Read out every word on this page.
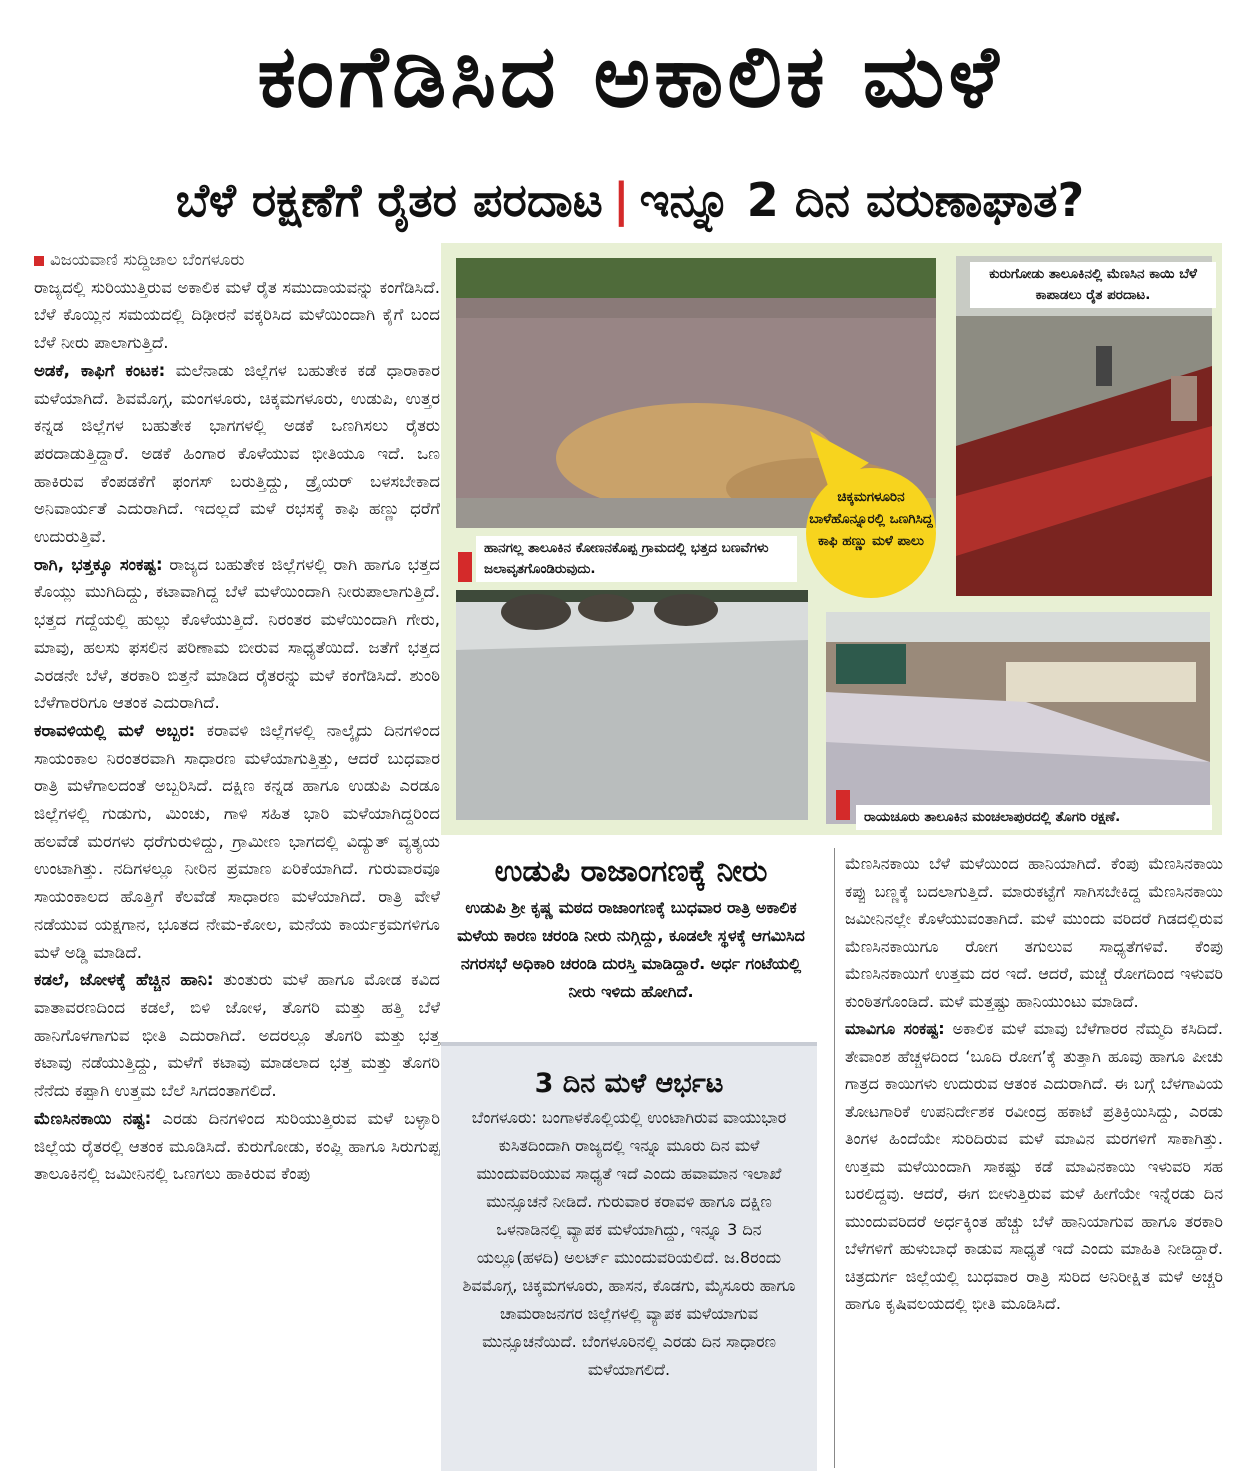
ಕಂಗೆಡಿಸಿದ ಅಕಾಲಿಕ ಮಳೆ
ಬೆಳೆ ರಕ್ಷಣೆಗೆ ರೈತರ ಪರದಾಟ | ಇನ್ನೂ 2 ದಿನ ವರುಣಾಘಾತ?

ವಿಜಯವಾಣಿ ಸುದ್ದಿಜಾಲ ಬೆಂಗಳೂರು

ರಾಜ್ಯದಲ್ಲಿ ಸುರಿಯುತ್ತಿರುವ ಅಕಾಲಿಕ ಮಳೆ ರೈತ ಸಮುದಾಯವನ್ನು ಕಂಗೆಡಿಸಿದೆ. ಬೆಳೆ ಕೊಯ್ಲಿನ ಸಮಯದಲ್ಲಿ ದಿಢೀರನೆ ವಕ್ಕರಿಸಿದ ಮಳೆಯಿಂದಾಗಿ ಕೈಗೆ ಬಂದ ಬೆಳೆ ನೀರು ಪಾಲಾಗುತ್ತಿದೆ.

ಅಡಕೆ, ಕಾಫಿಗೆ ಕಂಟಕ: ಮಲೆನಾಡು ಜಿಲ್ಲೆಗಳ ಬಹುತೇಕ ಕಡೆ ಧಾರಾಕಾರ ಮಳೆಯಾಗಿದೆ. ಶಿವಮೊಗ್ಗ, ಮಂಗಳೂರು, ಚಿಕ್ಕಮಗಳೂರು, ಉಡುಪಿ, ಉತ್ತರ ಕನ್ನಡ ಜಿಲ್ಲೆಗಳ ಬಹುತೇಕ ಭಾಗಗಳಲ್ಲಿ ಅಡಕೆ ಒಣಗಿಸಲು ರೈತರು ಪರದಾಡುತ್ತಿದ್ದಾರೆ. ಅಡಕೆ ಹಿಂಗಾರ ಕೊಳೆಯುವ ಭೀತಿಯೂ ಇದೆ. ಒಣ ಹಾಕಿರುವ ಕೆಂಪಡಕೆಗೆ ಫಂಗಸ್ ಬರುತ್ತಿದ್ದು, ಡ್ರೈಯರ್ ಬಳಸಬೇಕಾದ ಅನಿವಾರ್ಯತೆ ಎದುರಾಗಿದೆ. ಇದಲ್ಲದೆ ಮಳೆ ರಭಸಕ್ಕೆ ಕಾಫಿ ಹಣ್ಣು ಧರೆಗೆ ಉದುರುತ್ತಿವೆ.

ರಾಗಿ, ಭತ್ತಕ್ಕೂ ಸಂಕಷ್ಟ: ರಾಜ್ಯದ ಬಹುತೇಕ ಜಿಲ್ಲೆಗಳಲ್ಲಿ ರಾಗಿ ಹಾಗೂ ಭತ್ತದ ಕೊಯ್ಲು ಮುಗಿದಿದ್ದು, ಕಟಾವಾಗಿದ್ದ ಬೆಳೆ ಮಳೆಯಿಂದಾಗಿ ನೀರುಪಾಲಾಗುತ್ತಿದೆ. ಭತ್ತದ ಗದ್ದೆಯಲ್ಲಿ ಹುಲ್ಲು ಕೊಳೆಯುತ್ತಿದೆ. ನಿರಂತರ ಮಳೆಯಿಂದಾಗಿ ಗೇರು, ಮಾವು, ಹಲಸು ಫಸಲಿನ ಪರಿಣಾಮ ಬೀರುವ ಸಾಧ್ಯತೆಯಿದೆ. ಜತೆಗೆ ಭತ್ತದ ಎರಡನೇ ಬೆಳೆ, ತರಕಾರಿ ಬಿತ್ತನೆ ಮಾಡಿದ ರೈತರನ್ನು ಮಳೆ ಕಂಗೆಡಿಸಿದೆ. ಶುಂಠಿ ಬೆಳೆಗಾರರಿಗೂ ಆತಂಕ ಎದುರಾಗಿದೆ.

ಕರಾವಳಿಯಲ್ಲಿ ಮಳೆ ಅಬ್ಬರ: ಕರಾವಳಿ ಜಿಲ್ಲೆಗಳಲ್ಲಿ ನಾಲ್ಕೈದು ದಿನಗಳಿಂದ ಸಾಯಂಕಾಲ ನಿರಂತರವಾಗಿ ಸಾಧಾರಣ ಮಳೆಯಾಗುತ್ತಿತ್ತು, ಆದರೆ ಬುಧವಾರ ರಾತ್ರಿ ಮಳೆಗಾಲದಂತೆ ಅಬ್ಬರಿಸಿದೆ. ದಕ್ಷಿಣ ಕನ್ನಡ ಹಾಗೂ ಉಡುಪಿ ಎರಡೂ ಜಿಲ್ಲೆಗಳಲ್ಲಿ ಗುಡುಗು, ಮಿಂಚು, ಗಾಳಿ ಸಹಿತ ಭಾರಿ ಮಳೆಯಾಗಿದ್ದರಿಂದ ಹಲವೆಡೆ ಮರಗಳು ಧರೆಗುರುಳಿದ್ದು, ಗ್ರಾಮೀಣ ಭಾಗದಲ್ಲಿ ವಿದ್ಯುತ್ ವ್ಯತ್ಯಯ ಉಂಟಾಗಿತ್ತು. ನದಿಗಳಲ್ಲೂ ನೀರಿನ ಪ್ರಮಾಣ ಏರಿಕೆಯಾಗಿದೆ. ಗುರುವಾರವೂ ಸಾಯಂಕಾಲದ ಹೊತ್ತಿಗೆ ಕೆಲವೆಡೆ ಸಾಧಾರಣ ಮಳೆಯಾಗಿದೆ. ರಾತ್ರಿ ವೇಳೆ ನಡೆಯುವ ಯಕ್ಷಗಾನ, ಭೂತದ ನೇಮ-ಕೋಲ, ಮನೆಯ ಕಾರ್ಯಕ್ರಮಗಳಿಗೂ ಮಳೆ ಅಡ್ಡಿ ಮಾಡಿದೆ.

ಕಡಲೆ, ಜೋಳಕ್ಕೆ ಹೆಚ್ಚಿನ ಹಾನಿ: ತುಂತುರು ಮಳೆ ಹಾಗೂ ಮೋಡ ಕವಿದ ವಾತಾವರಣದಿಂದ ಕಡಲೆ, ಬಿಳಿ ಜೋಳ, ತೊಗರಿ ಮತ್ತು ಹತ್ತಿ ಬೆಳೆ ಹಾನಿಗೊಳಗಾಗುವ ಭೀತಿ ಎದುರಾಗಿದೆ. ಅದರಲ್ಲೂ ತೊಗರಿ ಮತ್ತು ಭತ್ತ ಕಟಾವು ನಡೆಯುತ್ತಿದ್ದು, ಮಳೆಗೆ ಕಟಾವು ಮಾಡಲಾದ ಭತ್ತ ಮತ್ತು ತೊಗರಿ ನೆನೆದು ಕಪ್ಪಾಗಿ ಉತ್ತಮ ಬೆಲೆ ಸಿಗದಂತಾಗಲಿದೆ.

ಮೆಣಸಿನಕಾಯಿ ನಷ್ಟ: ಎರಡು ದಿನಗಳಿಂದ ಸುರಿಯುತ್ತಿರುವ ಮಳೆ ಬಳ್ಳಾರಿ ಜಿಲ್ಲೆಯ ರೈತರಲ್ಲಿ ಆತಂಕ ಮೂಡಿಸಿದೆ. ಕುರುಗೋಡು, ಕಂಪ್ಲಿ ಹಾಗೂ ಸಿರುಗುಪ್ಪ ತಾಲೂಕಿನಲ್ಲಿ ಜಮೀನಿನಲ್ಲಿ ಒಣಗಲು ಹಾಕಿರುವ ಕೆಂಪು

ಹಾನಗಲ್ಲ ತಾಲೂಕಿನ ಕೋಣನಕೊಪ್ಪ ಗ್ರಾಮದಲ್ಲಿ ಭತ್ತದ ಬಣವೆಗಳು ಜಲಾವೃತಗೊಂಡಿರುವುದು.
ಕುರುಗೋಡು ತಾಲೂಕಿನಲ್ಲಿ ಮೆಣಸಿನ ಕಾಯಿ ಬೆಳೆ ಕಾಪಾಡಲು ರೈತ ಪರದಾಟ.
ರಾಯಚೂರು ತಾಲೂಕಿನ ಮಂಚಲಾಪುರದಲ್ಲಿ ತೊಗರಿ ರಕ್ಷಣೆ.
ಚಿಕ್ಕಮಗಳೂರಿನ ಬಾಳೆಹೊನ್ನೂರಲ್ಲಿ ಒಣಗಿಸಿದ್ದ ಕಾಫಿ ಹಣ್ಣು ಮಳೆ ಪಾಲು
ಉಡುಪಿ ರಾಜಾಂಗಣಕ್ಕೆ ನೀರು
ಉಡುಪಿ ಶ್ರೀ ಕೃಷ್ಣ ಮಠದ ರಾಜಾಂಗಣಕ್ಕೆ ಬುಧವಾರ ರಾತ್ರಿ ಅಕಾಲಿಕ ಮಳೆಯ ಕಾರಣ ಚರಂಡಿ ನೀರು ನುಗ್ಗಿದ್ದು, ಕೂಡಲೇ ಸ್ಥಳಕ್ಕೆ ಆಗಮಿಸಿದ ನಗರಸಭೆ ಅಧಿಕಾರಿ ಚರಂಡಿ ದುರಸ್ತಿ ಮಾಡಿದ್ದಾರೆ. ಅರ್ಧ ಗಂಟೆಯಲ್ಲಿ ನೀರು ಇಳಿದು ಹೋಗಿದೆ.
3 ದಿನ ಮಳೆ ಆರ್ಭಟ
ಬೆಂಗಳೂರು: ಬಂಗಾಳಕೊಲ್ಲಿಯಲ್ಲಿ ಉಂಟಾಗಿರುವ ವಾಯುಭಾರ ಕುಸಿತದಿಂದಾಗಿ ರಾಜ್ಯದಲ್ಲಿ ಇನ್ನೂ ಮೂರು ದಿನ ಮಳೆ ಮುಂದುವರಿಯುವ ಸಾಧ್ಯತೆ ಇದೆ ಎಂದು ಹವಾಮಾನ ಇಲಾಖೆ ಮುನ್ಸೂಚನೆ ನೀಡಿದೆ. ಗುರುವಾರ ಕರಾವಳಿ ಹಾಗೂ ದಕ್ಷಿಣ ಒಳನಾಡಿನಲ್ಲಿ ವ್ಯಾಪಕ ಮಳೆಯಾಗಿದ್ದು, ಇನ್ನೂ 3 ದಿನ ಯಲ್ಲೂ(ಹಳದಿ) ಅಲರ್ಟ್ ಮುಂದುವರಿಯಲಿದೆ. ಜ.8ರಂದು ಶಿವಮೊಗ್ಗ, ಚಿಕ್ಕಮಗಳೂರು, ಹಾಸನ, ಕೊಡಗು, ಮೈಸೂರು ಹಾಗೂ ಚಾಮರಾಜನಗರ ಜಿಲ್ಲೆಗಳಲ್ಲಿ ವ್ಯಾಪಕ ಮಳೆಯಾಗುವ ಮುನ್ಸೂಚನೆಯಿದೆ. ಬೆಂಗಳೂರಿನಲ್ಲಿ ಎರಡು ದಿನ ಸಾಧಾರಣ ಮಳೆಯಾಗಲಿದೆ.

ಮೆಣಸಿನಕಾಯಿ ಬೆಳೆ ಮಳೆಯಿಂದ ಹಾನಿಯಾಗಿದೆ. ಕೆಂಪು ಮೆಣಸಿನಕಾಯಿ ಕಪ್ಪು ಬಣ್ಣಕ್ಕೆ ಬದಲಾಗುತ್ತಿದೆ. ಮಾರುಕಟ್ಟೆಗೆ ಸಾಗಿಸಬೇಕಿದ್ದ ಮೆಣಸಿನಕಾಯಿ ಜಮೀನಿನಲ್ಲೇ ಕೊಳೆಯುವಂತಾಗಿದೆ. ಮಳೆ ಮುಂದು ವರಿದರೆ ಗಿಡದಲ್ಲಿರುವ ಮೆಣಸಿನಕಾಯಿಗೂ ರೋಗ ತಗುಲುವ ಸಾಧ್ಯತೆಗಳಿವೆ. ಕೆಂಪು ಮೆಣಸಿನಕಾಯಿಗೆ ಉತ್ತಮ ದರ ಇದೆ. ಆದರೆ, ಮಚ್ಚೆ ರೋಗದಿಂದ ಇಳುವರಿ ಕುಂಠಿತಗೊಂಡಿದೆ. ಮಳೆ ಮತ್ತಷ್ಟು ಹಾನಿಯುಂಟು ಮಾಡಿದೆ.

ಮಾವಿಗೂ ಸಂಕಷ್ಟ: ಅಕಾಲಿಕ ಮಳೆ ಮಾವು ಬೆಳೆಗಾರರ ನೆಮ್ಮದಿ ಕಸಿದಿದೆ. ತೇವಾಂಶ ಹೆಚ್ಚಳದಿಂದ ‘ಬೂದಿ ರೋಗ’ಕ್ಕೆ ತುತ್ತಾಗಿ ಹೂವು ಹಾಗೂ ಪೀಚು ಗಾತ್ರದ ಕಾಯಿಗಳು ಉದುರುವ ಆತಂಕ ಎದುರಾಗಿದೆ. ಈ ಬಗ್ಗೆ ಬೆಳಗಾವಿಯ ತೋಟಗಾರಿಕೆ ಉಪನಿರ್ದೇಶಕ ರವೀಂದ್ರ ಹಕಾಟೆ ಪ್ರತಿಕ್ರಿಯಿಸಿದ್ದು, ಎರಡು ತಿಂಗಳ ಹಿಂದೆಯೇ ಸುರಿದಿರುವ ಮಳೆ ಮಾವಿನ ಮರಗಳಿಗೆ ಸಾಕಾಗಿತ್ತು. ಉತ್ತಮ ಮಳೆಯಿಂದಾಗಿ ಸಾಕಷ್ಟು ಕಡೆ ಮಾವಿನಕಾಯಿ ಇಳುವರಿ ಸಹ ಬರಲಿದ್ದವು. ಆದರೆ, ಈಗ ಬೀಳುತ್ತಿರುವ ಮಳೆ ಹೀಗೆಯೇ ಇನ್ನೆರಡು ದಿನ ಮುಂದುವರಿದರೆ ಅರ್ಧಕ್ಕಿಂತ ಹೆಚ್ಚು ಬೆಳೆ ಹಾನಿಯಾಗುವ ಹಾಗೂ ತರಕಾರಿ ಬೆಳೆಗಳಿಗೆ ಹುಳುಬಾಧೆ ಕಾಡುವ ಸಾಧ್ಯತೆ ಇದೆ ಎಂದು ಮಾಹಿತಿ ನೀಡಿದ್ದಾರೆ. ಚಿತ್ರದುರ್ಗ ಜಿಲ್ಲೆಯಲ್ಲಿ ಬುಧವಾರ ರಾತ್ರಿ ಸುರಿದ ಅನಿರೀಕ್ಷಿತ ಮಳೆ ಅಚ್ಚರಿ ಹಾಗೂ ಕೃಷಿವಲಯದಲ್ಲಿ ಭೀತಿ ಮೂಡಿಸಿದೆ.
